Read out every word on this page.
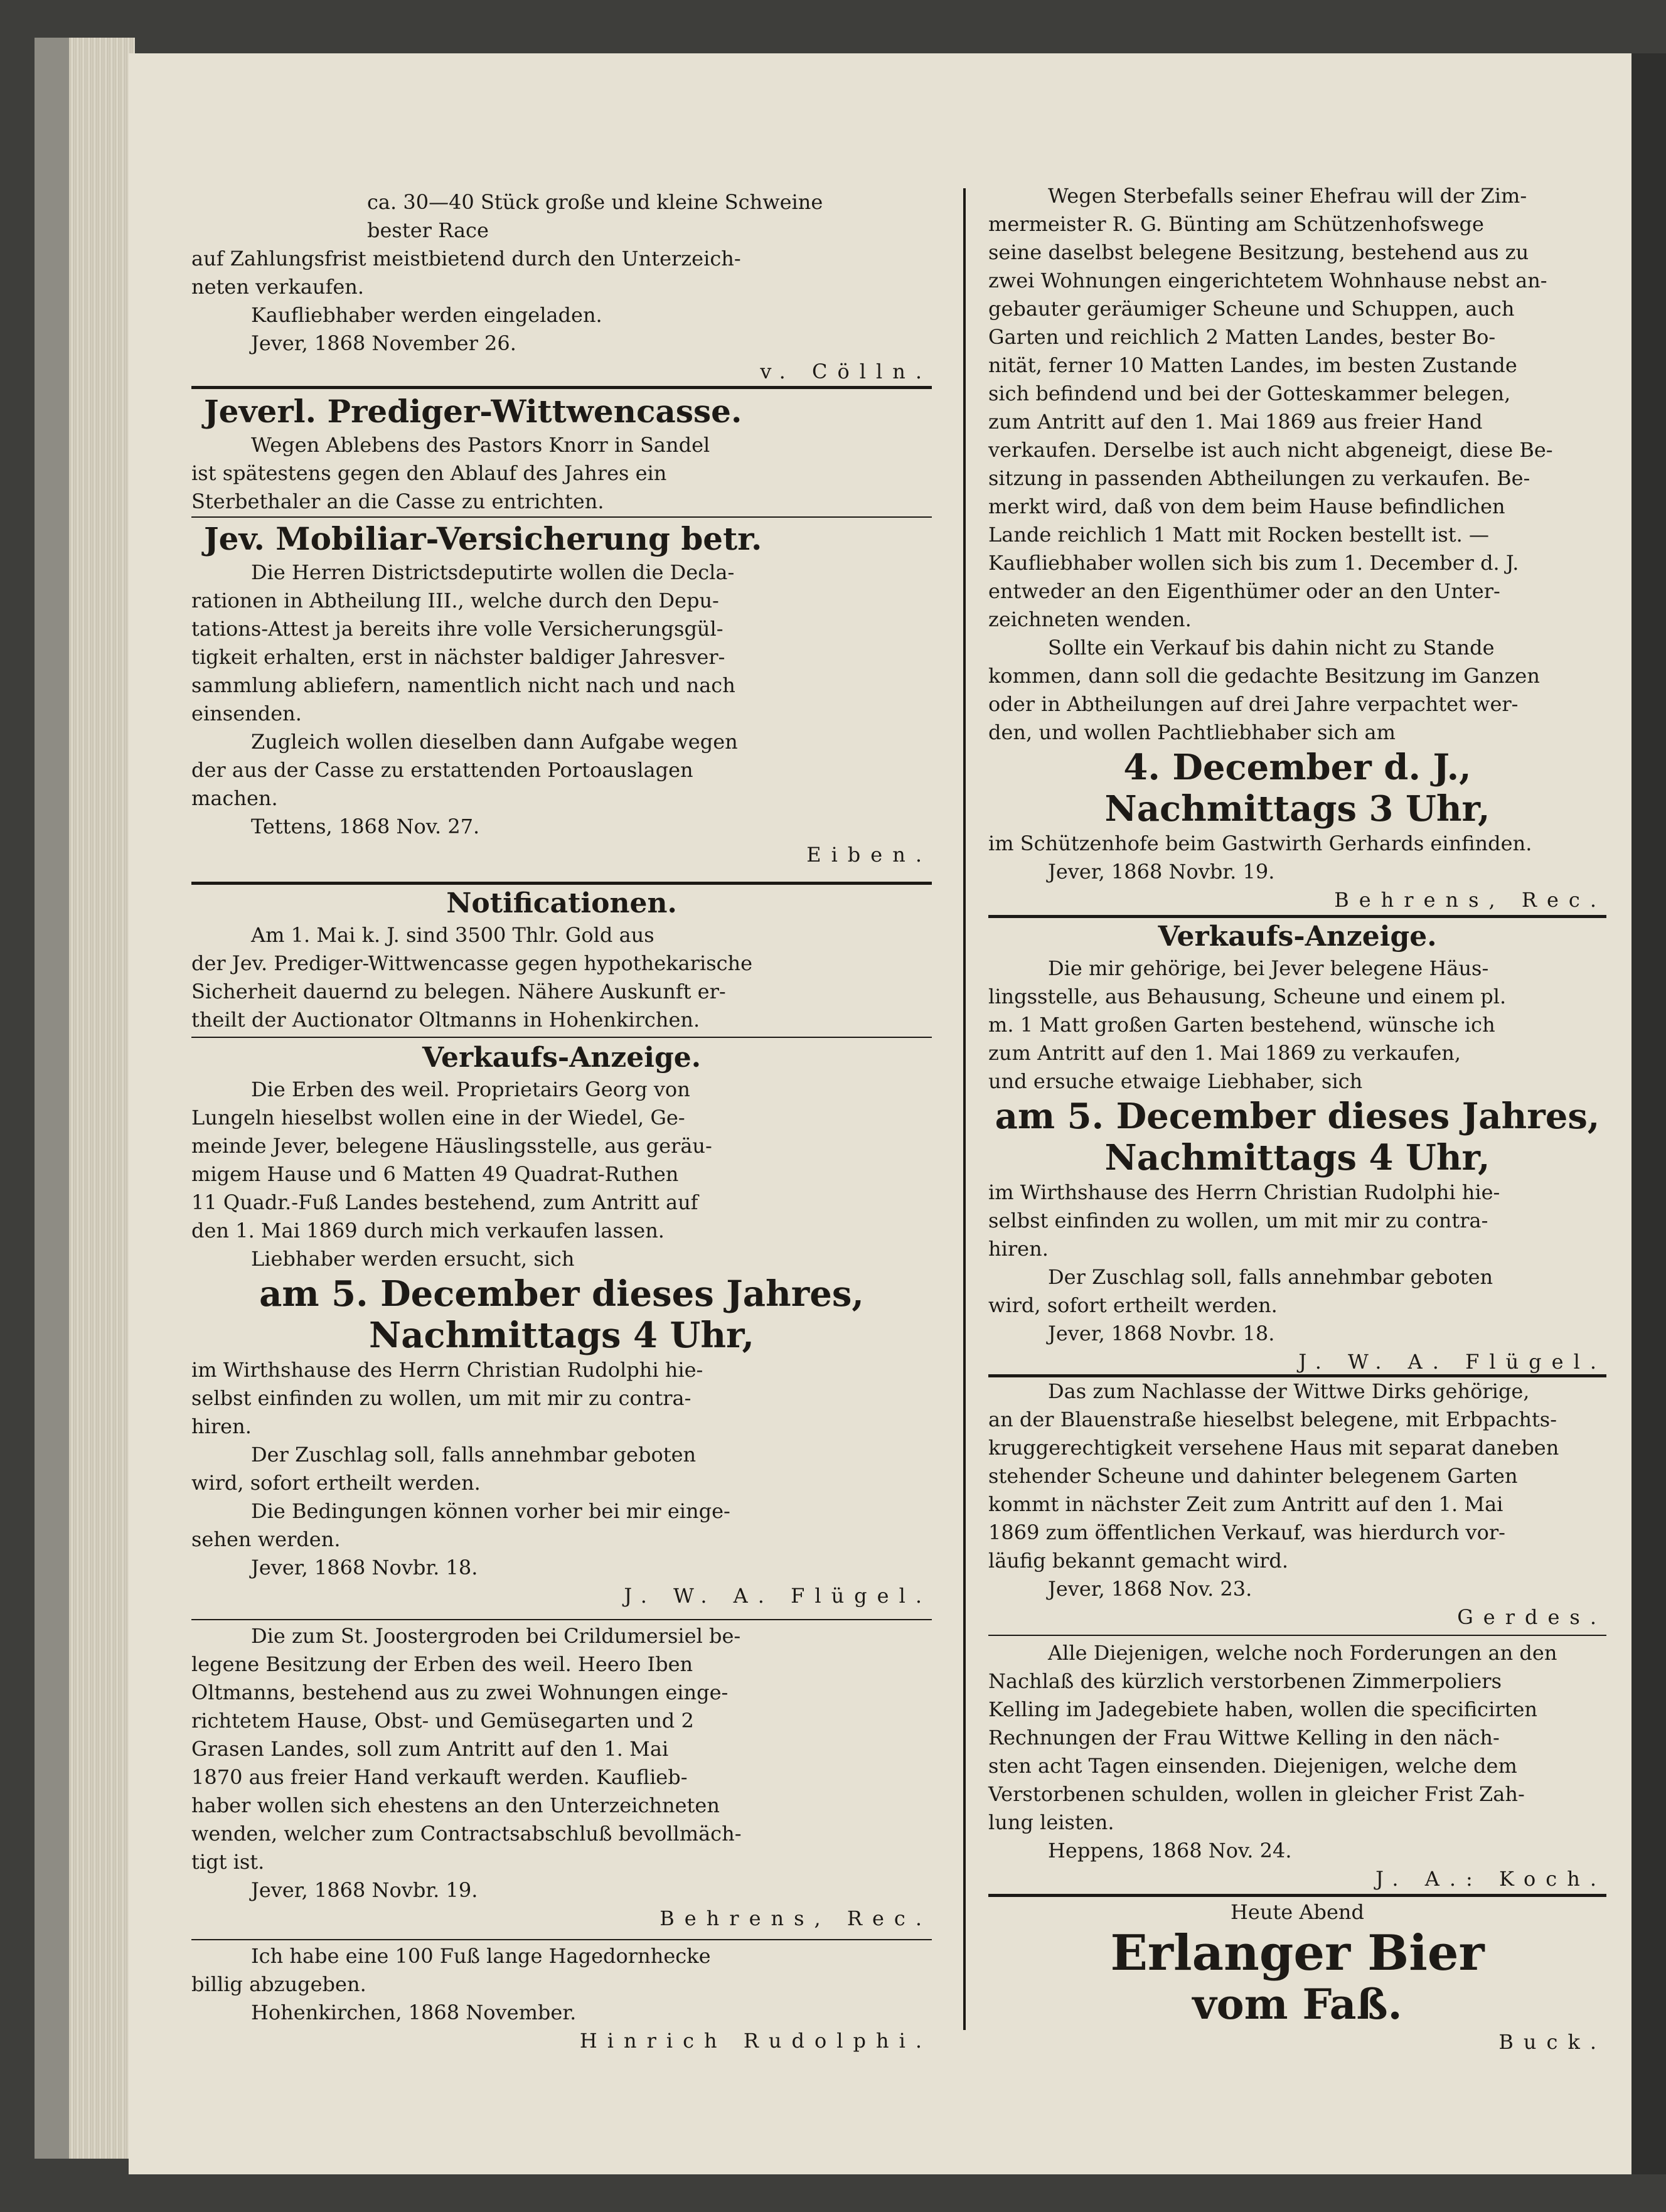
ca. 30—40 Stück große und kleine Schweine

bester Race

auf Zahlungsfrist meistbietend durch den Unterzeich-

neten verkaufen.

Kaufliebhaber werden eingeladen.

Jever, 1868 November 26.

v. Cölln.

Jeverl. Prediger-Wittwencasse.

Wegen Ablebens des Pastors Knorr in Sandel

ist spätestens gegen den Ablauf des Jahres ein

Sterbethaler an die Casse zu entrichten.

Jev. Mobiliar-Versicherung betr.

Die Herren Districtsdeputirte wollen die Decla-

rationen in Abtheilung III., welche durch den Depu-

tations-Attest ja bereits ihre volle Versicherungsgül-

tigkeit erhalten, erst in nächster baldiger Jahresver-

sammlung abliefern, namentlich nicht nach und nach

einsenden.

Zugleich wollen dieselben dann Aufgabe wegen

der aus der Casse zu erstattenden Portoauslagen

machen.

Tettens, 1868 Nov. 27.

Eiben.

Notificationen.

Am 1. Mai k. J. sind 3500 Thlr. Gold aus

der Jev. Prediger-Wittwencasse gegen hypothekarische

Sicherheit dauernd zu belegen. Nähere Auskunft er-

theilt der Auctionator Oltmanns in Hohenkirchen.

Verkaufs-Anzeige.

Die Erben des weil. Proprietairs Georg von

Lungeln hieselbst wollen eine in der Wiedel, Ge-

meinde Jever, belegene Häuslingsstelle, aus geräu-

migem Hause und 6 Matten 49 Quadrat-Ruthen

11 Quadr.-Fuß Landes bestehend, zum Antritt auf

den 1. Mai 1869 durch mich verkaufen lassen.

Liebhaber werden ersucht, sich

am 5. December dieses Jahres,

Nachmittags 4 Uhr,

im Wirthshause des Herrn Christian Rudolphi hie-

selbst einfinden zu wollen, um mit mir zu contra-

hiren.

Der Zuschlag soll, falls annehmbar geboten

wird, sofort ertheilt werden.

Die Bedingungen können vorher bei mir einge-

sehen werden.

Jever, 1868 Novbr. 18.

J. W. A. Flügel.

Die zum St. Joostergroden bei Crildumersiel be-

legene Besitzung der Erben des weil. Heero Iben

Oltmanns, bestehend aus zu zwei Wohnungen einge-

richtetem Hause, Obst- und Gemüsegarten und 2

Grasen Landes, soll zum Antritt auf den 1. Mai

1870 aus freier Hand verkauft werden. Kauflieb-

haber wollen sich ehestens an den Unterzeichneten

wenden, welcher zum Contractsabschluß bevollmäch-

tigt ist.

Jever, 1868 Novbr. 19.

Behrens, Rec.

Ich habe eine 100 Fuß lange Hagedornhecke

billig abzugeben.

Hohenkirchen, 1868 November.

Hinrich Rudolphi.

Wegen Sterbefalls seiner Ehefrau will der Zim-

mermeister R. G. Bünting am Schützenhofswege

seine daselbst belegene Besitzung, bestehend aus zu

zwei Wohnungen eingerichtetem Wohnhause nebst an-

gebauter geräumiger Scheune und Schuppen, auch

Garten und reichlich 2 Matten Landes, bester Bo-

nität, ferner 10 Matten Landes, im besten Zustande

sich befindend und bei der Gotteskammer belegen,

zum Antritt auf den 1. Mai 1869 aus freier Hand

verkaufen. Derselbe ist auch nicht abgeneigt, diese Be-

sitzung in passenden Abtheilungen zu verkaufen. Be-

merkt wird, daß von dem beim Hause befindlichen

Lande reichlich 1 Matt mit Rocken bestellt ist. —

Kaufliebhaber wollen sich bis zum 1. December d. J.

entweder an den Eigenthümer oder an den Unter-

zeichneten wenden.

Sollte ein Verkauf bis dahin nicht zu Stande

kommen, dann soll die gedachte Besitzung im Ganzen

oder in Abtheilungen auf drei Jahre verpachtet wer-

den, und wollen Pachtliebhaber sich am

4. December d. J.,

Nachmittags 3 Uhr,

im Schützenhofe beim Gastwirth Gerhards einfinden.

Jever, 1868 Novbr. 19.

Behrens, Rec.

Verkaufs-Anzeige.

Die mir gehörige, bei Jever belegene Häus-

lingsstelle, aus Behausung, Scheune und einem pl.

m. 1 Matt großen Garten bestehend, wünsche ich

zum Antritt auf den 1. Mai 1869 zu verkaufen,

und ersuche etwaige Liebhaber, sich

am 5. December dieses Jahres,

Nachmittags 4 Uhr,

im Wirthshause des Herrn Christian Rudolphi hie-

selbst einfinden zu wollen, um mit mir zu contra-

hiren.

Der Zuschlag soll, falls annehmbar geboten

wird, sofort ertheilt werden.

Jever, 1868 Novbr. 18.

J. W. A. Flügel.

Das zum Nachlasse der Wittwe Dirks gehörige,

an der Blauenstraße hieselbst belegene, mit Erbpachts-

kruggerechtigkeit versehene Haus mit separat daneben

stehender Scheune und dahinter belegenem Garten

kommt in nächster Zeit zum Antritt auf den 1. Mai

1869 zum öffentlichen Verkauf, was hierdurch vor-

läufig bekannt gemacht wird.

Jever, 1868 Nov. 23.

Gerdes.

Alle Diejenigen, welche noch Forderungen an den

Nachlaß des kürzlich verstorbenen Zimmerpoliers

Kelling im Jadegebiete haben, wollen die specificirten

Rechnungen der Frau Wittwe Kelling in den näch-

sten acht Tagen einsenden. Diejenigen, welche dem

Verstorbenen schulden, wollen in gleicher Frist Zah-

lung leisten.

Heppens, 1868 Nov. 24.

J. A.: Koch.

Heute Abend

Erlanger Bier

vom Faß.

Buck.
